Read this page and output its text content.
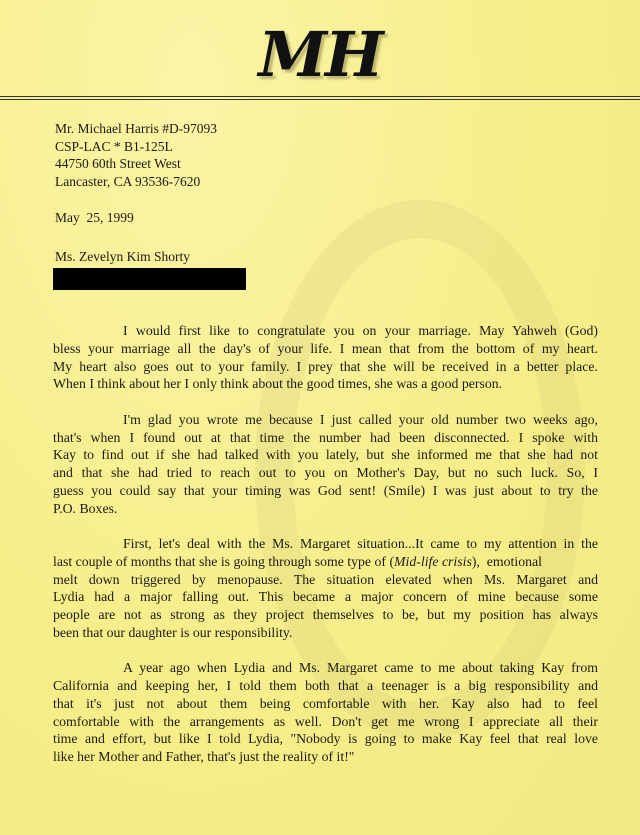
MH
Mr. Michael Harris #D-97093
CSP-LAC * B1-125L
44750 60th Street West
Lancaster, CA 93536-7620
May  25, 1999
Ms. Zevelyn Kim Shorty
I would first like to congratulate you on your marriage. May Yahweh (God)
bless your marriage all the day's of your life. I mean that from the bottom of my heart.
My heart also goes out to your family. I prey that she will be received in a better place.
When I think about her I only think about the good times, she was a good person.
I'm glad you wrote me because I just called your old number two weeks ago,
that's when I found out at that time the number had been disconnected. I spoke with
Kay to find out if she had talked with you lately, but she informed me that she had not
and that she had tried to reach out to you on Mother's Day, but no such luck. So, I
guess you could say that your timing was God sent! (Smile) I was just about to try the
P.O. Boxes.
First, let's deal with the Ms. Margaret situation...It came to my attention in the
last couple of months that she is going through some type of (Mid-life crisis),  emotional
melt down triggered by menopause. The situation elevated when Ms. Margaret and
Lydia had a major falling out. This became a major concern of mine because some
people are not as strong as they project themselves to be, but my position has always
been that our daughter is our responsibility.
A year ago when Lydia and Ms. Margaret came to me about taking Kay from
California and keeping her, I told them both that a teenager is a big responsibility and
that it's just not about them being comfortable with her. Kay also had to feel
comfortable with the arrangements as well. Don't get me wrong I appreciate all their
time and effort, but like I told Lydia, "Nobody is going to make Kay feel that real love
like her Mother and Father, that's just the reality of it!"
